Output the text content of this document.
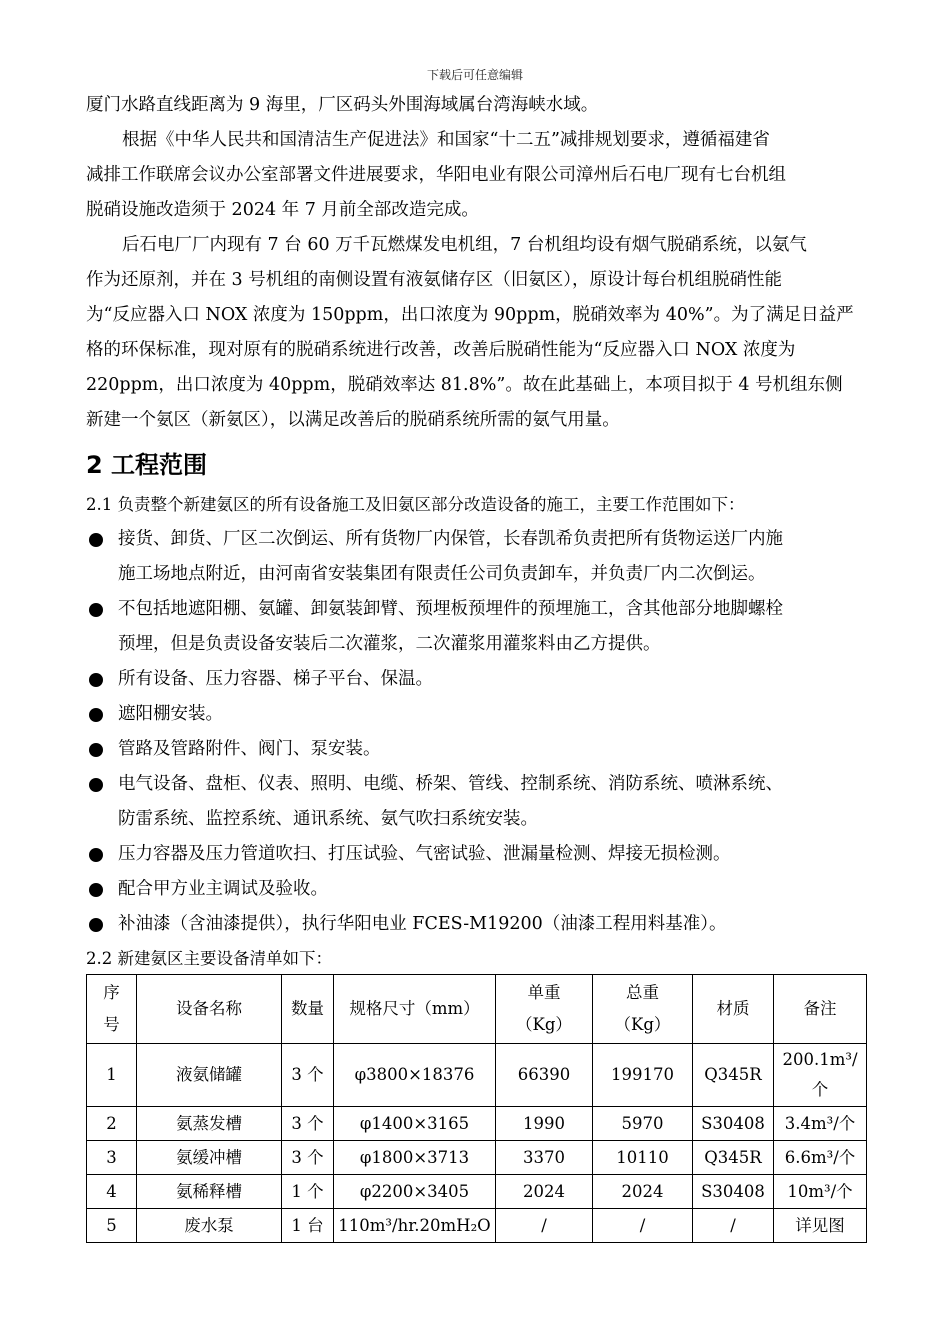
下载后可任意编辑

厦门水路直线距离为 9 海里，厂区码头外围海域属台湾海峡水域。

根据《中华人民共和国清洁生产促进法》和国家“十二五”减排规划要求，遵循福建省

减排工作联席会议办公室部署文件进展要求，华阳电业有限公司漳州后石电厂现有七台机组

脱硝设施改造须于 2024 年 7 月前全部改造完成。

后石电厂厂内现有 7 台 60 万千瓦燃煤发电机组，7 台机组均设有烟气脱硝系统，以氨气

作为还原剂，并在 3 号机组的南侧设置有液氨储存区（旧氨区），原设计每台机组脱硝性能

为“反应器入口 NOX 浓度为 150ppm，出口浓度为 90ppm，脱硝效率为 40%”。为了满足日益严

格的环保标准，现对原有的脱硝系统进行改善，改善后脱硝性能为“反应器入口 NOX 浓度为

220ppm，出口浓度为 40ppm，脱硝效率达 81.8%”。故在此基础上，本项目拟于 4 号机组东侧

新建一个氨区（新氨区），以满足改善后的脱硝系统所需的氨气用量。

2 工程范围

2.1 负责整个新建氨区的所有设备施工及旧氨区部分改造设备的施工，主要工作范围如下：

接货、卸货、厂区二次倒运、所有货物厂内保管，长春凯希负责把所有货物运送厂内施
施工场地点附近，由河南省安装集团有限责任公司负责卸车，并负责厂内二次倒运。
不包括地遮阳棚、氨罐、卸氨装卸臂、预埋板预埋件的预埋施工，含其他部分地脚螺栓
预埋，但是负责设备安装后二次灌浆，二次灌浆用灌浆料由乙方提供。
所有设备、压力容器、梯子平台、保温。
遮阳棚安装。
管路及管路附件、阀门、泵安装。
电气设备、盘柜、仪表、照明、电缆、桥架、管线、控制系统、消防系统、喷淋系统、
防雷系统、监控系统、通讯系统、氨气吹扫系统安装。
压力容器及压力管道吹扫、打压试验、气密试验、泄漏量检测、焊接无损检测。
配合甲方业主调试及验收。
补油漆（含油漆提供），执行华阳电业 FCES-M19200（油漆工程用料基准）。

2.2 新建氨区主要设备清单如下：

序
号	设备名称	数量	规格尺寸（mm）	单重
（Kg）	总重
（Kg）	材质	备注
1	液氨储罐	3 个	φ3800×18376	66390	199170	Q345R	200.1m³/个
2	氨蒸发槽	3 个	φ1400×3165	1990	5970	S30408	3.4m³/个
3	氨缓冲槽	3 个	φ1800×3713	3370	10110	Q345R	6.6m³/个
4	氨稀释槽	1 个	φ2200×3405	2024	2024	S30408	10m³/个
5	废水泵	1 台	110m³/hr.20mH₂O	/	/	/	详见图
